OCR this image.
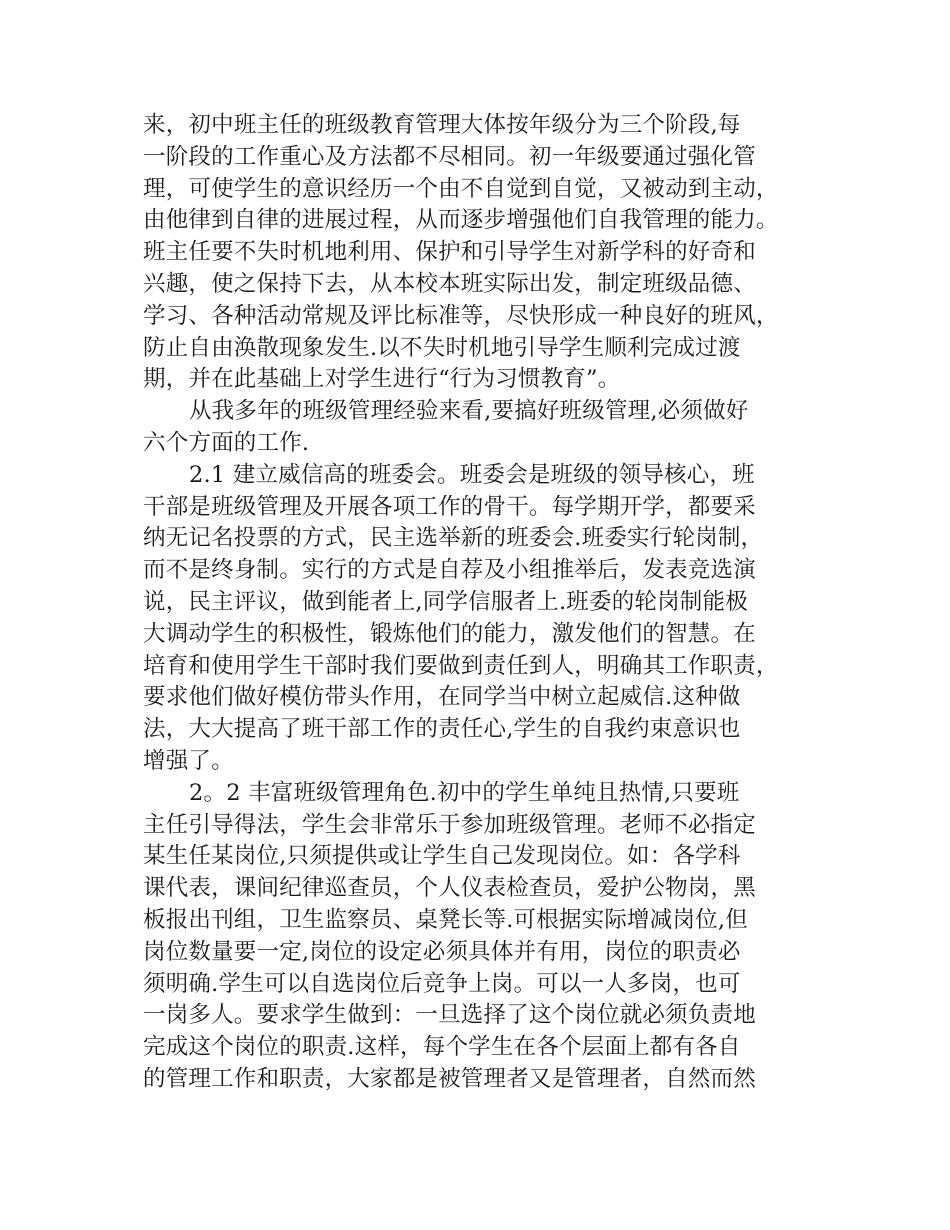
来，初中班主任的班级教育管理大体按年级分为三个阶段,每
一阶段的工作重心及方法都不尽相同。初一年级要通过强化管
理，可使学生的意识经历一个由不自觉到自觉，又被动到主动，
由他律到自律的进展过程，从而逐步增强他们自我管理的能力。
班主任要不失时机地利用、保护和引导学生对新学科的好奇和
兴趣，使之保持下去，从本校本班实际出发，制定班级品德、
学习、各种活动常规及评比标准等，尽快形成一种良好的班风，
防止自由涣散现象发生.以不失时机地引导学生顺利完成过渡
期，并在此基础上对学生进行“行为习惯教育”。
从我多年的班级管理经验来看,要搞好班级管理,必须做好
六个方面的工作.
2.1 建立威信高的班委会。班委会是班级的领导核心，班
干部是班级管理及开展各项工作的骨干。每学期开学，都要采
纳无记名投票的方式，民主选举新的班委会.班委实行轮岗制，
而不是终身制。实行的方式是自荐及小组推举后，发表竞选演
说，民主评议，做到能者上,同学信服者上.班委的轮岗制能极
大调动学生的积极性，锻炼他们的能力，激发他们的智慧。在
培育和使用学生干部时我们要做到责任到人，明确其工作职责，
要求他们做好模仿带头作用，在同学当中树立起威信.这种做
法，大大提高了班干部工作的责任心,学生的自我约束意识也
增强了。
2。2 丰富班级管理角色.初中的学生单纯且热情,只要班
主任引导得法，学生会非常乐于参加班级管理。老师不必指定
某生任某岗位,只须提供或让学生自己发现岗位。如：各学科
课代表，课间纪律巡查员，个人仪表检查员，爱护公物岗，黑
板报出刊组，卫生监察员、桌凳长等.可根据实际增减岗位,但
岗位数量要一定,岗位的设定必须具体并有用，岗位的职责必
须明确.学生可以自选岗位后竞争上岗。可以一人多岗，也可
一岗多人。要求学生做到：一旦选择了这个岗位就必须负责地
完成这个岗位的职责.这样，每个学生在各个层面上都有各自
的管理工作和职责，大家都是被管理者又是管理者，自然而然
